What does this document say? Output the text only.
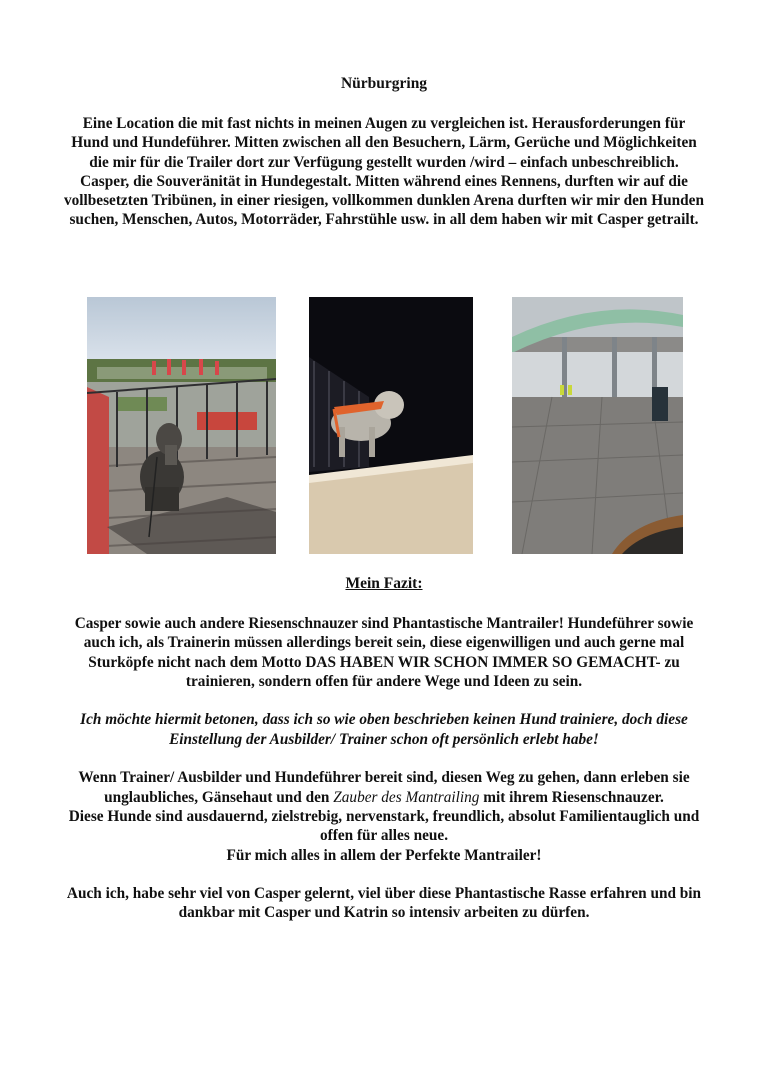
Nürburgring

Eine Location die mit fast nichts in meinen Augen zu vergleichen ist. Herausforderungen für Hund und Hundeführer. Mitten zwischen all den Besuchern, Lärm, Gerüche und Möglichkeiten die mir für die Trailer dort zur Verfügung gestellt wurden /wird – einfach unbeschreiblich.

Casper, die Souveränität in Hundegestalt. Mitten während eines Rennens, durften wir auf die vollbesetzten Tribünen, in einer riesigen, vollkommen dunklen Arena durften wir mir den Hunden suchen, Menschen, Autos, Motorräder, Fahrstühle usw. in all dem haben wir mit Casper getrailt.

Mein Fazit:

Casper sowie auch andere Riesenschnauzer sind Phantastische Mantrailer! Hundeführer sowie auch ich, als Trainerin müssen allerdings bereit sein, diese eigenwilligen und auch gerne mal Sturköpfe nicht nach dem Motto DAS HABEN WIR SCHON IMMER SO GEMACHT- zu trainieren, sondern offen für andere Wege und Ideen zu sein.

Ich möchte hiermit betonen, dass ich so wie oben beschrieben keinen Hund trainiere, doch diese Einstellung der Ausbilder/ Trainer schon oft persönlich erlebt habe!

Wenn Trainer/ Ausbilder und Hundeführer bereit sind, diesen Weg zu gehen, dann erleben sie unglaubliches, Gänsehaut und den Zauber des Mantrailing mit ihrem Riesenschnauzer.
Diese Hunde sind ausdauernd, zielstrebig, nervenstark, freundlich, absolut Familientauglich und offen für alles neue.
Für mich alles in allem der Perfekte Mantrailer!

Auch ich, habe sehr viel von Casper gelernt, viel über diese Phantastische Rasse erfahren und bin dankbar mit Casper und Katrin so intensiv arbeiten zu dürfen.
